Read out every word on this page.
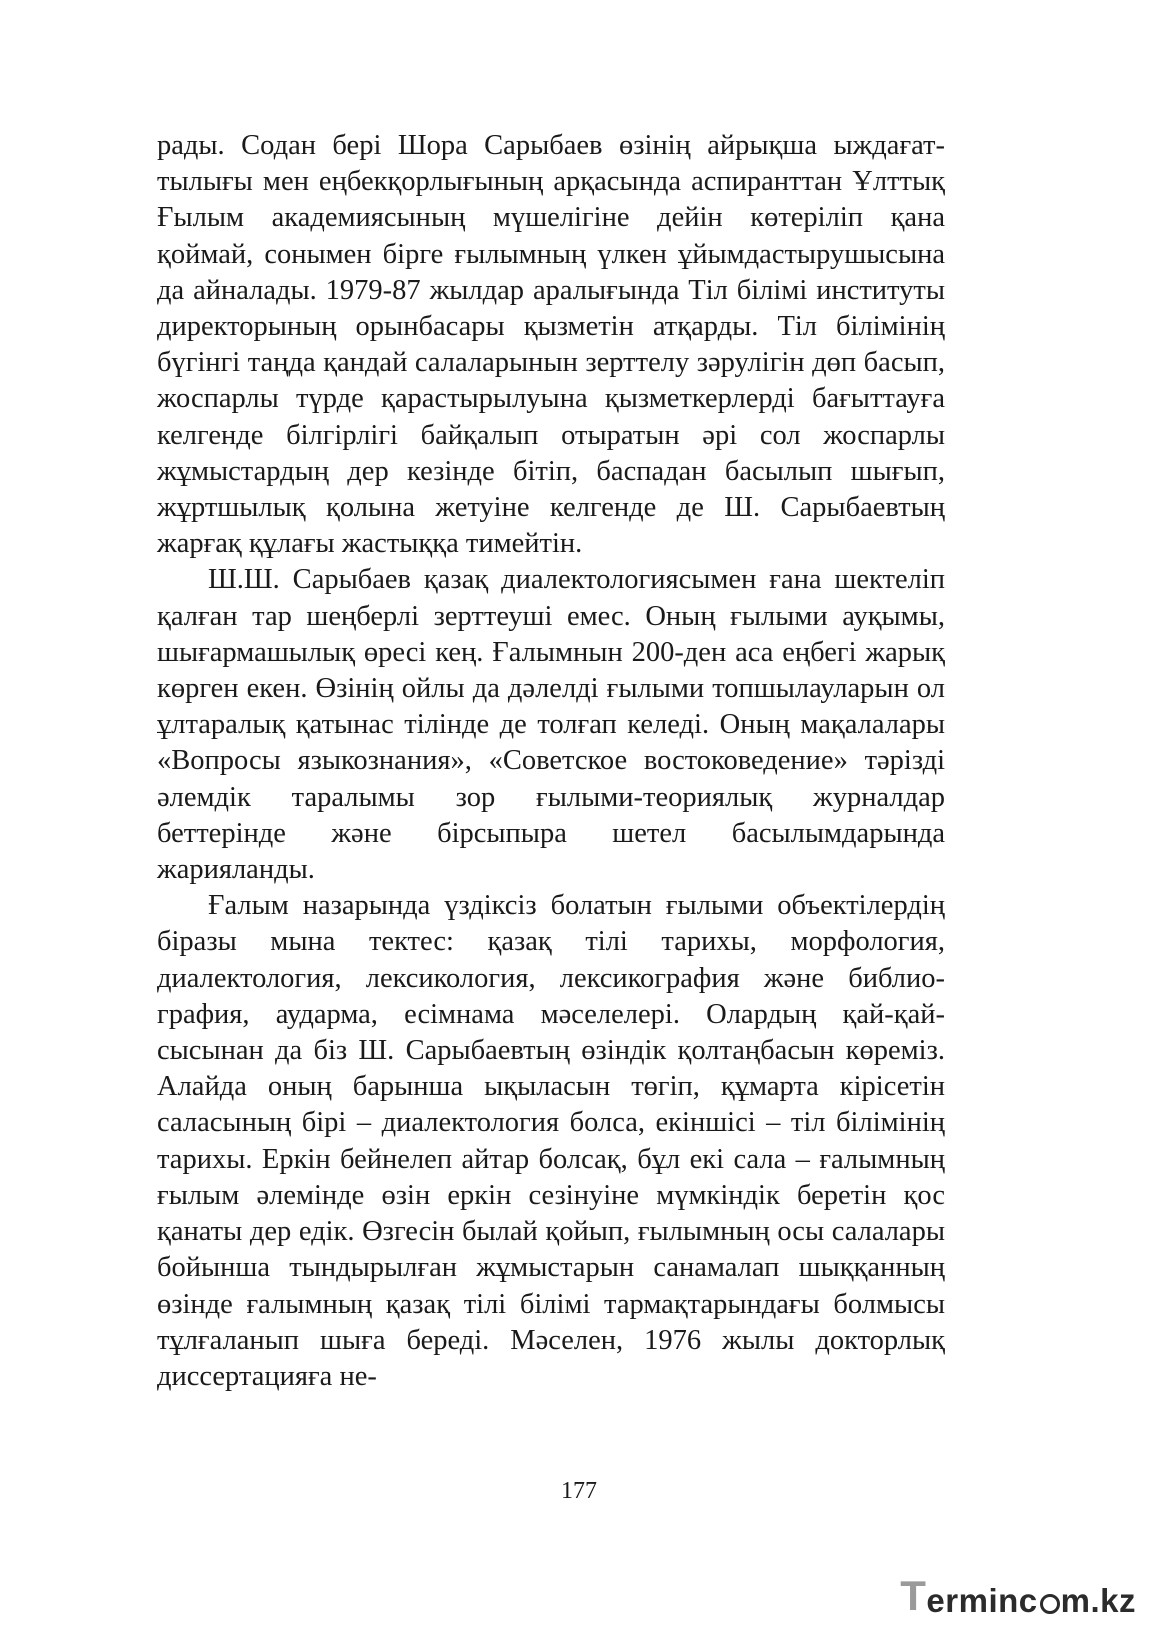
рады. Содан бері Шора Сарыбаев өзінің айрықша ыждағаттылығы мен еңбекқорлығының арқасында аспиранттан Ұлттық Ғылым академиясының мүшелігіне дейін көтеріліп қана қоймай, сонымен бірге ғылымның үлкен ұйымдастырушысына да айналады. 1979-87 жылдар аралығында Тіл білімі институты директорының орынбасары қызметін атқарды. Тіл білімінің бүгінгі таңда қандай салаларынын зерттелу зәрулігін дөп басып, жоспарлы түрде қарастырылуына қызметкерлерді бағыттауға келгенде білгірлігі байқалып отыратын әрі сол жоспарлы жұмыстардың дер кезінде бітіп, баспадан басылып шығып, жұртшылық қолына жетуіне келгенде де Ш. Сарыбаевтың жарғақ құлағы жастыққа тимейтін.

Ш.Ш. Сарыбаев қазақ диалектологиясымен ғана шектеліп қалған тар шеңберлі зерттеуші емес. Оның ғылыми ауқымы, шығармашылық өресі кең. Ғалымнын 200-ден аса еңбегі жарық көрген екен. Өзінің ойлы да дәлелді ғылыми топшылауларын ол ұлтаралық қатынас тілінде де толғап келеді. Оның мақалалары «Вопросы языкознания», «Советское востоковедение» тәрізді әлемдік таралымы зор ғылыми-теориялық журналдар беттерінде және бірсыпыра шетел басылымдарында жарияланды.

Ғалым назарында үздіксіз болатын ғылыми объектілердің біразы мына тектес: қазақ тілі тарихы, морфология, диалектология, лексикология, лексикография және библиография, аударма, есімнама мәселелері. Олардың қай-қайсысынан да біз Ш. Сарыбаевтың өзіндік қолтаңбасын көреміз. Алайда оның барынша ықыласын төгіп, құмарта кірісетін саласының бірі – диалектология болса, екіншісі – тіл білімінің тарихы. Еркін бейнелеп айтар болсақ, бұл екі сала – ғалымның ғылым әлемінде өзін еркін сезінуіне мүмкіндік беретін қос қанаты дер едік. Өзгесін былай қойып, ғылымның осы салалары бойынша тындырылған жұмыстарын санамалап шыққанның өзінде ғалымның қазақ тілі білімі тармақтарындағы болмысы тұлғаланып шыға береді. Мәселен, 1976 жылы докторлық диссертацияға не-

177
T erminc m.kz
